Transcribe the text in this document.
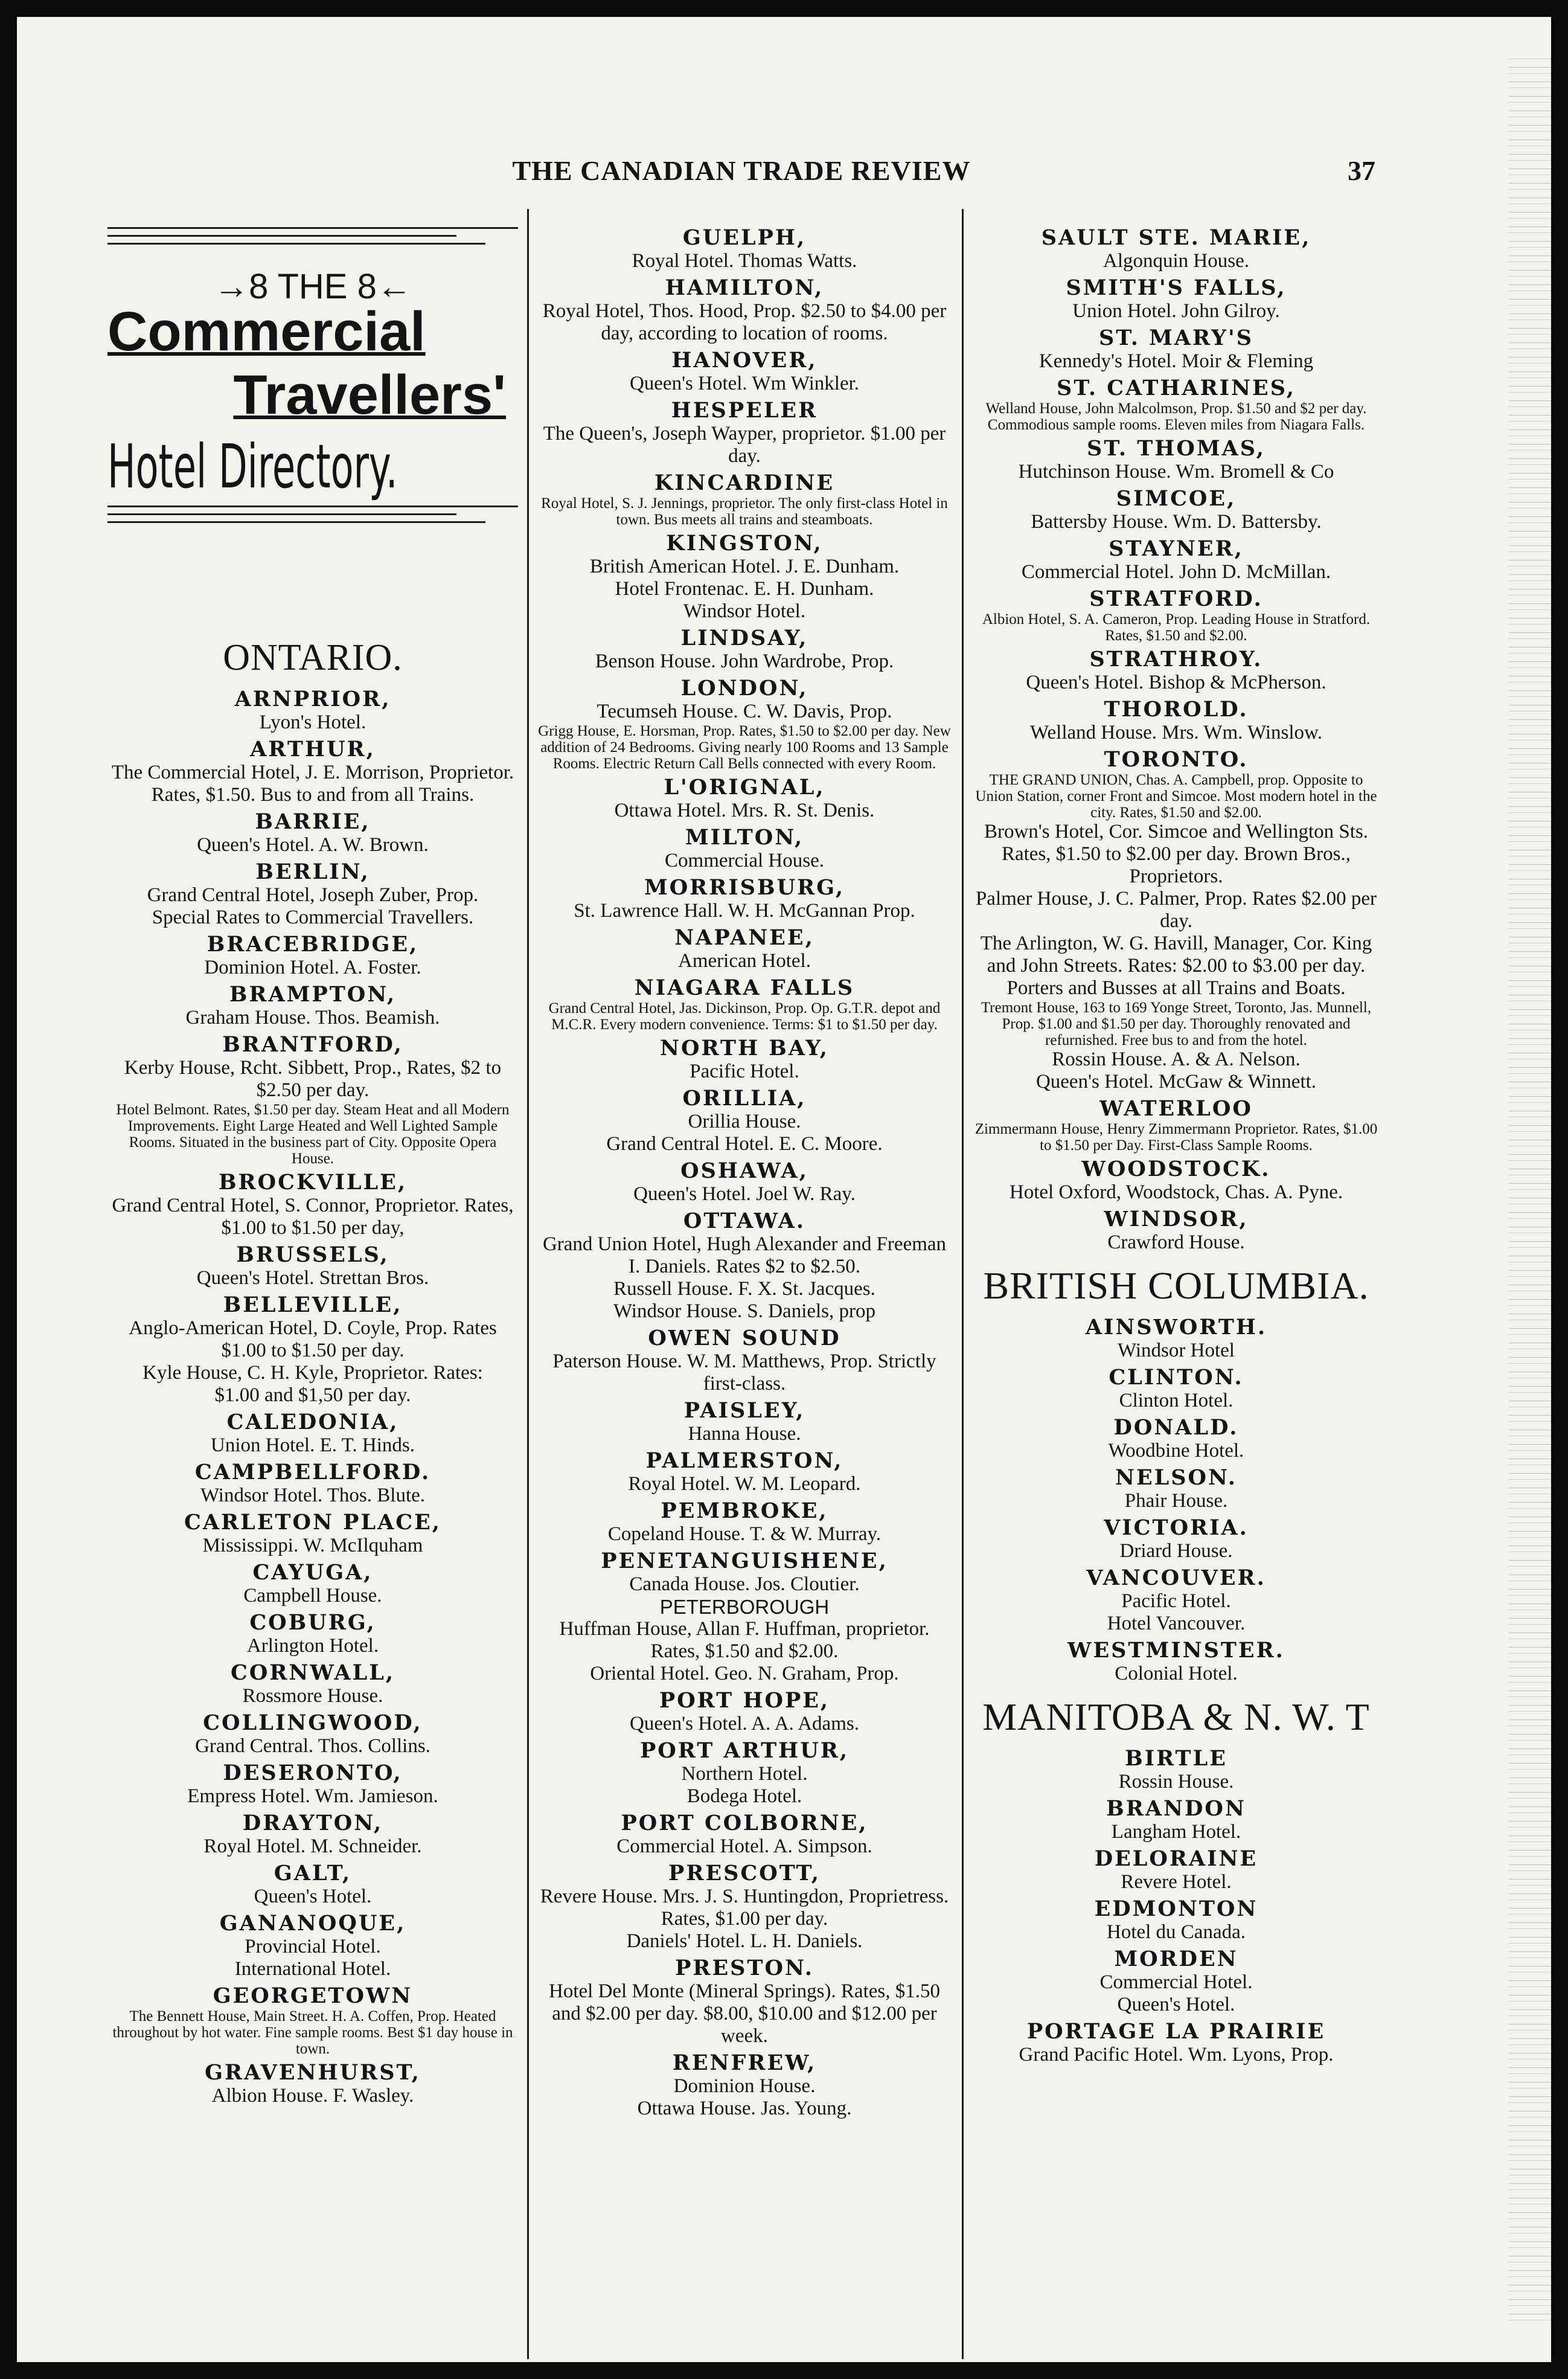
THE CANADIAN TRADE REVIEW	37
→8 THE 8←
Commercial
Travellers'
Hotel Directory.
ONTARIO.
ARNPRIOR,
Lyon's Hotel.
ARTHUR,
The Commercial Hotel, J. E. Morrison, Proprietor. Rates, $1.50. Bus to and from all Trains.
BARRIE,
Queen's Hotel. A. W. Brown.
BERLIN,
Grand Central Hotel, Joseph Zuber, Prop.
Special Rates to Commercial Travellers.
BRACEBRIDGE,
Dominion Hotel. A. Foster.
BRAMPTON,
Graham House. Thos. Beamish.
BRANTFORD,
Kerby House, Rcht. Sibbett, Prop., Rates, $2 to $2.50 per day.
Hotel Belmont. Rates, $1.50 per day. Steam Heat and all Modern Improvements. Eight Large Heated and Well Lighted Sample Rooms. Situated in the business part of City. Opposite Opera House.
BROCKVILLE,
Grand Central Hotel, S. Connor, Proprietor. Rates, $1.00 to $1.50 per day,
BRUSSELS,
Queen's Hotel. Strettan Bros.
BELLEVILLE,
Anglo-American Hotel, D. Coyle, Prop. Rates $1.00 to $1.50 per day.
Kyle House, C. H. Kyle, Proprietor. Rates:
$1.00 and $1,50 per day.
CALEDONIA,
Union Hotel. E. T. Hinds.
CAMPBELLFORD.
Windsor Hotel. Thos. Blute.
CARLETON PLACE,
Mississippi. W. McIlquham
CAYUGA,
Campbell House.
COBURG,
Arlington Hotel.
CORNWALL,
Rossmore House.
COLLINGWOOD,
Grand Central. Thos. Collins.
DESERONTO,
Empress Hotel. Wm. Jamieson.
DRAYTON,
Royal Hotel. M. Schneider.
GALT,
Queen's Hotel.
GANANOQUE,
Provincial Hotel.
International Hotel.
GEORGETOWN
The Bennett House, Main Street. H. A. Coffen, Prop. Heated throughout by hot water. Fine sample rooms. Best $1 day house in town.
GRAVENHURST,
Albion House. F. Wasley.
GUELPH,
Royal Hotel. Thomas Watts.
HAMILTON,
Royal Hotel, Thos. Hood, Prop. $2.50 to $4.00 per day, according to location of rooms.
HANOVER,
Queen's Hotel. Wm Winkler.
HESPELER
The Queen's, Joseph Wayper, proprietor. $1.00 per day.
KINCARDINE
Royal Hotel, S. J. Jennings, proprietor. The only first-class Hotel in town. Bus meets all trains and steamboats.
KINGSTON,
British American Hotel. J. E. Dunham.
Hotel Frontenac. E. H. Dunham.
Windsor Hotel.
LINDSAY,
Benson House. John Wardrobe, Prop.
LONDON,
Tecumseh House. C. W. Davis, Prop.
Grigg House, E. Horsman, Prop. Rates, $1.50 to $2.00 per day. New addition of 24 Bedrooms. Giving nearly 100 Rooms and 13 Sample Rooms. Electric Return Call Bells connected with every Room.
L'ORIGNAL,
Ottawa Hotel. Mrs. R. St. Denis.
MILTON,
Commercial House.
MORRISBURG,
St. Lawrence Hall. W. H. McGannan Prop.
NAPANEE,
American Hotel.
NIAGARA FALLS
Grand Central Hotel, Jas. Dickinson, Prop. Op. G.T.R. depot and M.C.R. Every modern convenience. Terms: $1 to $1.50 per day.
NORTH BAY,
Pacific Hotel.
ORILLIA,
Orillia House.
Grand Central Hotel. E. C. Moore.
OSHAWA,
Queen's Hotel. Joel W. Ray.
OTTAWA.
Grand Union Hotel, Hugh Alexander and Freeman I. Daniels. Rates $2 to $2.50.
Russell House. F. X. St. Jacques.
Windsor House. S. Daniels, prop
OWEN SOUND
Paterson House. W. M. Matthews, Prop. Strictly first-class.
PAISLEY,
Hanna House.
PALMERSTON,
Royal Hotel. W. M. Leopard.
PEMBROKE,
Copeland House. T. & W. Murray.
PENETANGUISHENE,
Canada House. Jos. Cloutier.
PETERBOROUGH
Huffman House, Allan F. Huffman, proprietor. Rates, $1.50 and $2.00.
Oriental Hotel. Geo. N. Graham, Prop.
PORT HOPE,
Queen's Hotel. A. A. Adams.
PORT ARTHUR,
Northern Hotel.
Bodega Hotel.
PORT COLBORNE,
Commercial Hotel. A. Simpson.
PRESCOTT,
Revere House. Mrs. J. S. Huntingdon, Proprietress. Rates, $1.00 per day.
Daniels' Hotel. L. H. Daniels.
PRESTON.
Hotel Del Monte (Mineral Springs). Rates, $1.50 and $2.00 per day. $8.00, $10.00 and $12.00 per week.
RENFREW,
Dominion House.
Ottawa House. Jas. Young.
SAULT STE. MARIE,
Algonquin House.
SMITH'S FALLS,
Union Hotel. John Gilroy.
ST. MARY'S
Kennedy's Hotel. Moir & Fleming
ST. CATHARINES,
Welland House, John Malcolmson, Prop. $1.50 and $2 per day. Commodious sample rooms. Eleven miles from Niagara Falls.
ST. THOMAS,
Hutchinson House. Wm. Bromell & Co
SIMCOE,
Battersby House. Wm. D. Battersby.
STAYNER,
Commercial Hotel. John D. McMillan.
STRATFORD.
Albion Hotel, S. A. Cameron, Prop. Leading House in Stratford. Rates, $1.50 and $2.00.
STRATHROY.
Queen's Hotel. Bishop & McPherson.
THOROLD.
Welland House. Mrs. Wm. Winslow.
TORONTO.
THE GRAND UNION, Chas. A. Campbell, prop. Opposite to Union Station, corner Front and Simcoe. Most modern hotel in the city. Rates, $1.50 and $2.00.
Brown's Hotel, Cor. Simcoe and Wellington Sts. Rates, $1.50 to $2.00 per day. Brown Bros., Proprietors.
Palmer House, J. C. Palmer, Prop. Rates $2.00 per day.
The Arlington, W. G. Havill, Manager, Cor. King and John Streets. Rates: $2.00 to $3.00 per day. Porters and Busses at all Trains and Boats.
Tremont House, 163 to 169 Yonge Street, Toronto, Jas. Munnell, Prop. $1.00 and $1.50 per day. Thoroughly renovated and refurnished. Free bus to and from the hotel.
Rossin House. A. & A. Nelson.
Queen's Hotel. McGaw & Winnett.
WATERLOO
Zimmermann House, Henry Zimmermann Proprietor. Rates, $1.00 to $1.50 per Day. First-Class Sample Rooms.
WOODSTOCK.
Hotel Oxford, Woodstock, Chas. A. Pyne.
WINDSOR,
Crawford House.
BRITISH COLUMBIA.
AINSWORTH.
Windsor Hotel
CLINTON.
Clinton Hotel.
DONALD.
Woodbine Hotel.
NELSON.
Phair House.
VICTORIA.
Driard House.
VANCOUVER.
Pacific Hotel.
Hotel Vancouver.
WESTMINSTER.
Colonial Hotel.
MANITOBA & N. W. T
BIRTLE
Rossin House.
BRANDON
Langham Hotel.
DELORAINE
Revere Hotel.
EDMONTON
Hotel du Canada.
MORDEN
Commercial Hotel.
Queen's Hotel.
PORTAGE LA PRAIRIE
Grand Pacific Hotel. Wm. Lyons, Prop.
